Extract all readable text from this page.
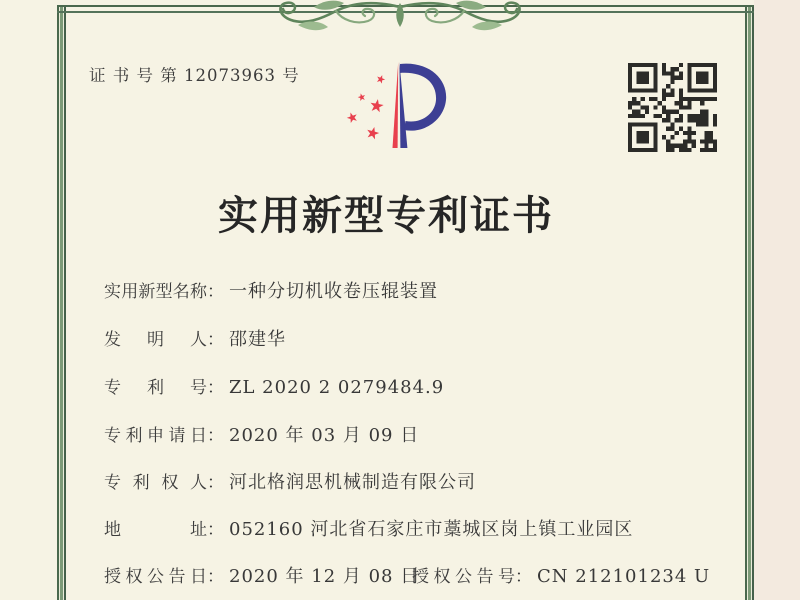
证 书 号 第 12073963 号
实用新型专利证书
实用新型名称： 一种分切机收卷压辊装置
发明人： 邵建华
专利号： ZL 2020 2 0279484.9
专利申请日： 2020 年 03 月 09 日
专利权人： 河北格润思机械制造有限公司
地址： 052160 河北省石家庄市藁城区岗上镇工业园区
授权公告日： 2020 年 12 月 08 日
授权公告号： CN 212101234 U
